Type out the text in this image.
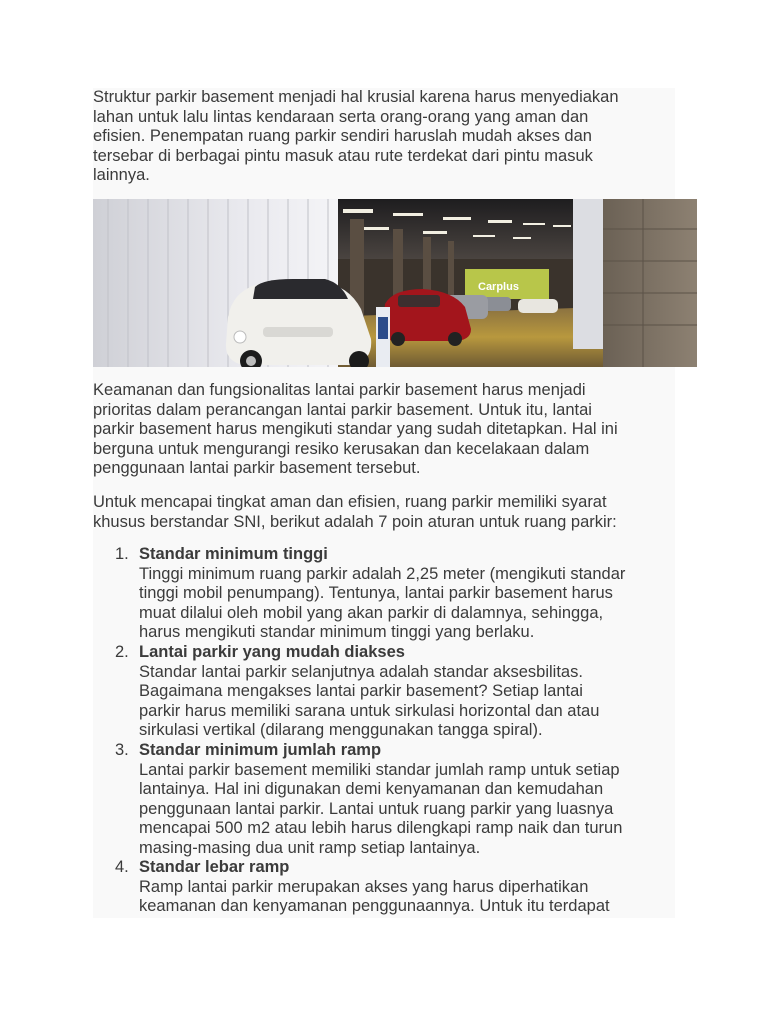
Struktur parkir basement menjadi hal krusial karena harus menyediakan
lahan untuk lalu lintas kendaraan serta orang-orang yang aman dan
efisien. Penempatan ruang parkir sendiri haruslah mudah akses dan
tersebar di berbagai pintu masuk atau rute terdekat dari pintu masuk
lainnya.
Carplus
Keamanan dan fungsionalitas lantai parkir basement harus menjadi
prioritas dalam perancangan lantai parkir basement. Untuk itu, lantai
parkir basement harus mengikuti standar yang sudah ditetapkan. Hal ini
berguna untuk mengurangi resiko kerusakan dan kecelakaan dalam
penggunaan lantai parkir basement tersebut.
Untuk mencapai tingkat aman dan efisien, ruang parkir memiliki syarat
khusus berstandar SNI, berikut adalah 7 poin aturan untuk ruang parkir:
1. Standar minimum tinggi
Tinggi minimum ruang parkir adalah 2,25 meter (mengikuti standar
tinggi mobil penumpang). Tentunya, lantai parkir basement harus
muat dilalui oleh mobil yang akan parkir di dalamnya, sehingga,
harus mengikuti standar minimum tinggi yang berlaku.
2. Lantai parkir yang mudah diakses
Standar lantai parkir selanjutnya adalah standar aksesbilitas.
Bagaimana mengakses lantai parkir basement? Setiap lantai
parkir harus memiliki sarana untuk sirkulasi horizontal dan atau
sirkulasi vertikal (dilarang menggunakan tangga spiral).
3. Standar minimum jumlah ramp
Lantai parkir basement memiliki standar jumlah ramp untuk setiap
lantainya. Hal ini digunakan demi kenyamanan dan kemudahan
penggunaan lantai parkir. Lantai untuk ruang parkir yang luasnya
mencapai 500 m2 atau lebih harus dilengkapi ramp naik dan turun
masing-masing dua unit ramp setiap lantainya.
4. Standar lebar ramp
Ramp lantai parkir merupakan akses yang harus diperhatikan
keamanan dan kenyamanan penggunaannya. Untuk itu terdapat
